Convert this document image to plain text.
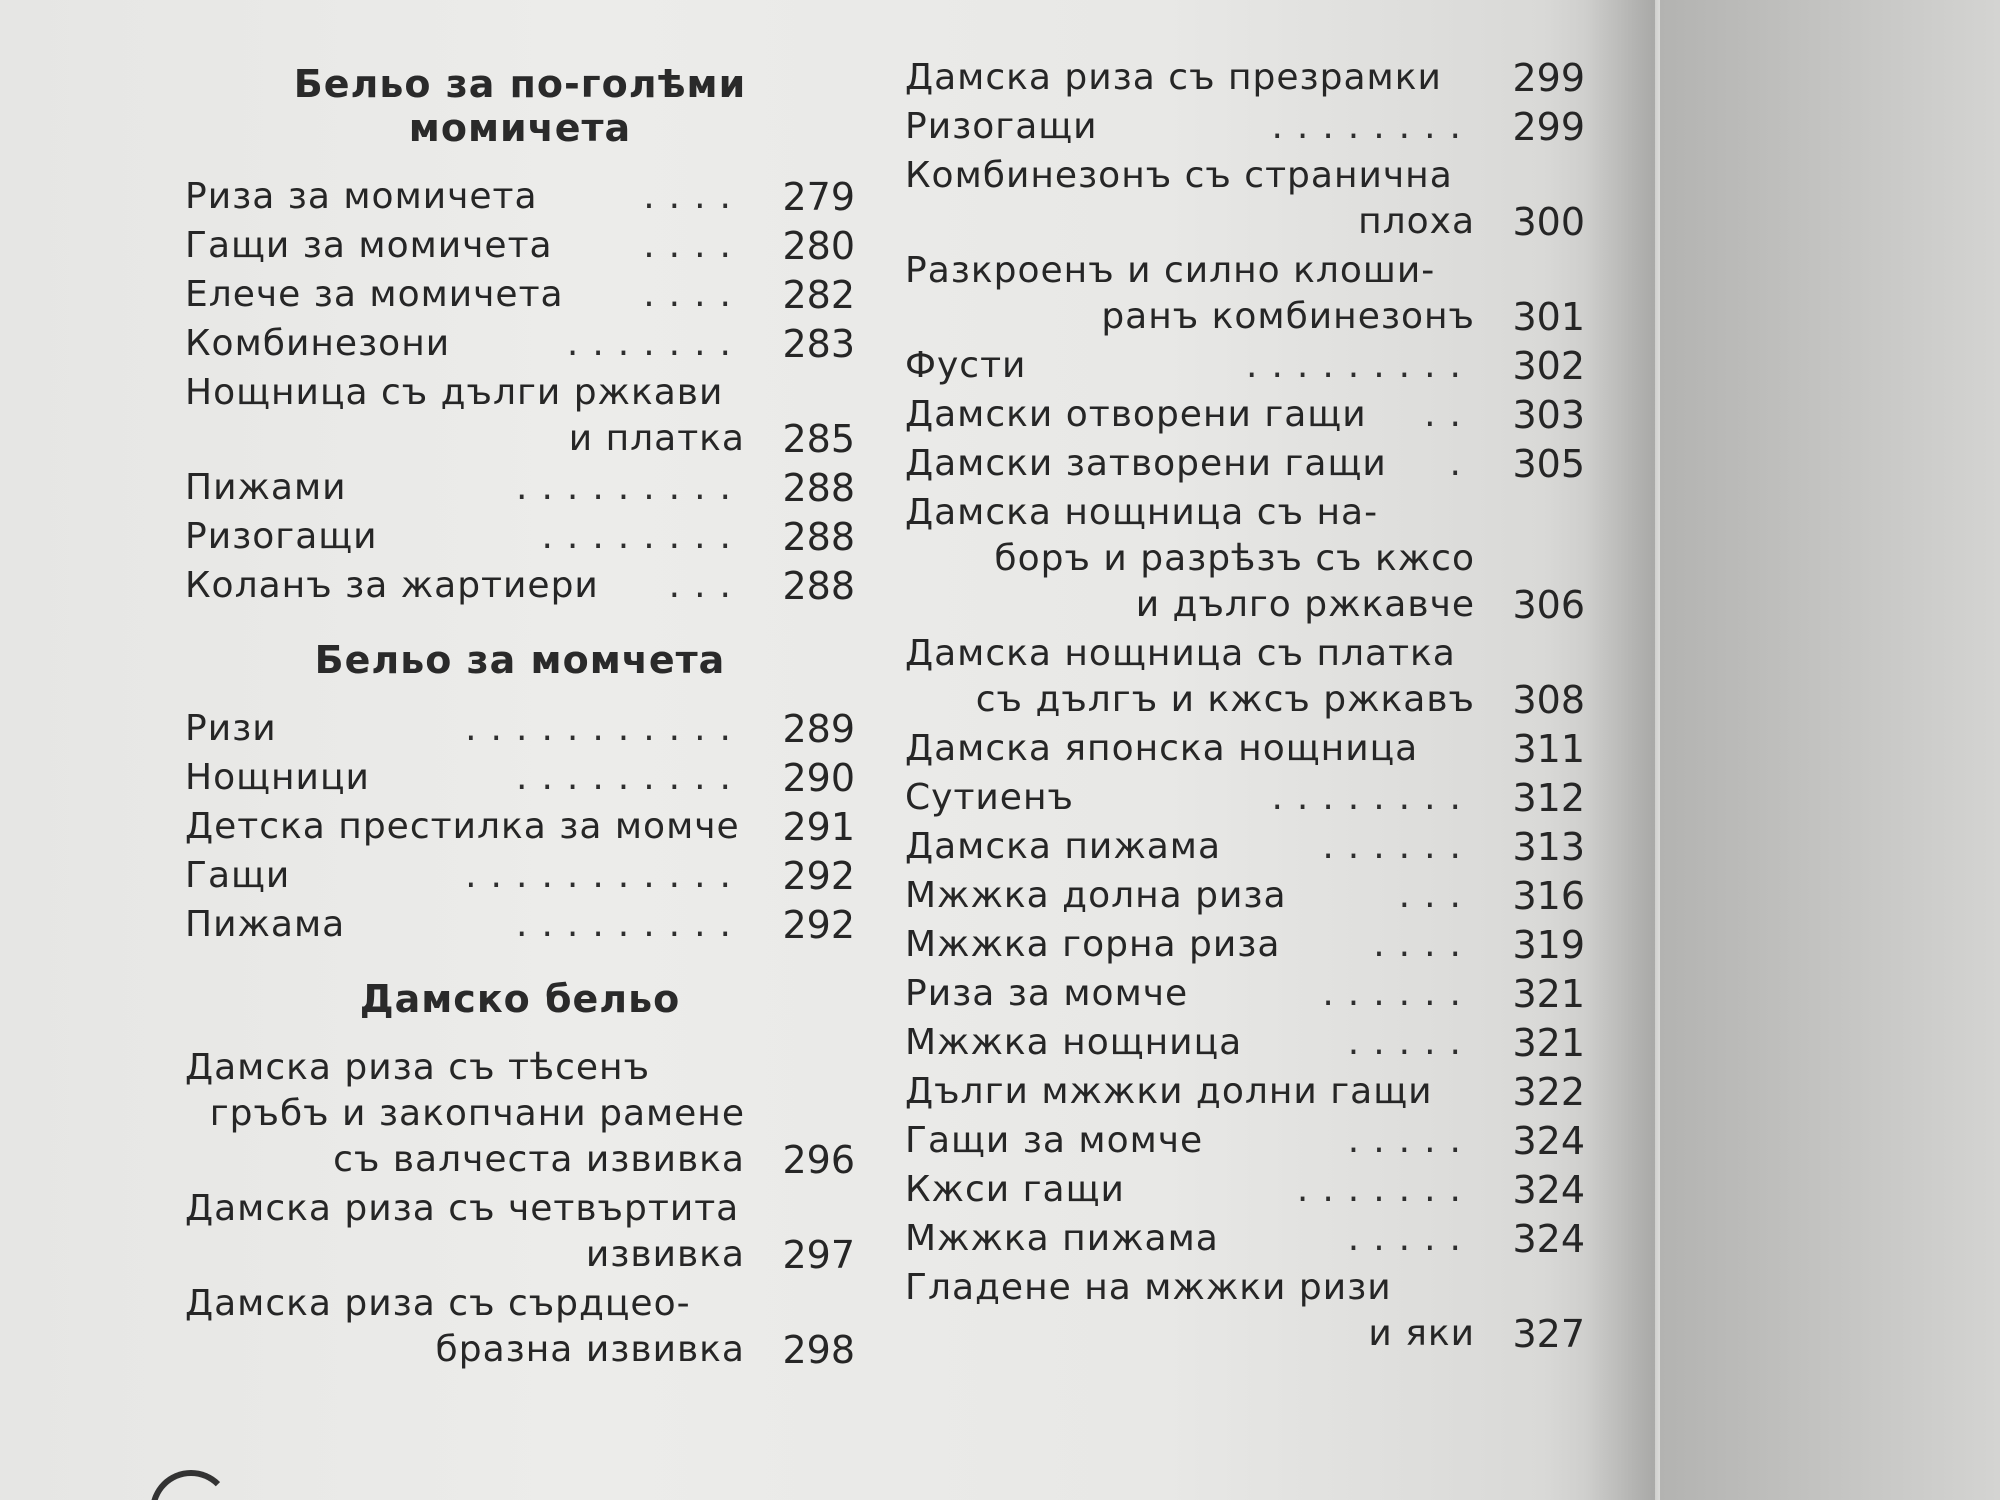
Бельо за по-голѣми
момичета
Риза за момичета	.... 279
Гащи за момичета	.... 280
Елече за момичета .... 282
Комбинезони	....... 283
Нощница съ дълги ржкави
и платка 285
Пижами	......... 288
Ризогащи	........ 288
Коланъ за жартиери ... 288
Бельо за момчета
Ризи	........... 289
Нощници	......... 290
Детска престилка за момче	291
Гащи	........... 292
Пижама	......... 292
Дамско бельо
Дамска риза съ тѣсенъ
гръбъ и закопчани рамене
съ валчеста извивка 296
Дамска риза съ четвъртита
извивка 297
Дамска риза съ сърдцео-
бразна извивка 298
Дамска риза съ презрамки	299
Ризогащи	........ 299
Комбинезонъ съ странична
плоха 300
Разкроенъ и силно клоши-
ранъ комбинезонъ 301
Фусти	......... 302
Дамски отворени гащи .. 303
Дамски затворени гащи . 305
Дамска нощница съ на-
боръ и разрѣзъ съ кжсо
и дълго ржкавче 306
Дамска нощница съ платка
съ дългъ и кжсъ ржкавъ 308
Дамска японска нощница	311
Сутиенъ	........ 312
Дамска пижама	...... 313
Мжжка долна риза	... 316
Мжжка горна риза	.... 319
Риза за момче	...... 321
Мжжка нощница	..... 321
Дълги мжжки долни гащи	322
Гащи за момче	..... 324
Кжси гащи	....... 324
Мжжка пижама	..... 324
Гладене на мжжки ризи
и яки 327
